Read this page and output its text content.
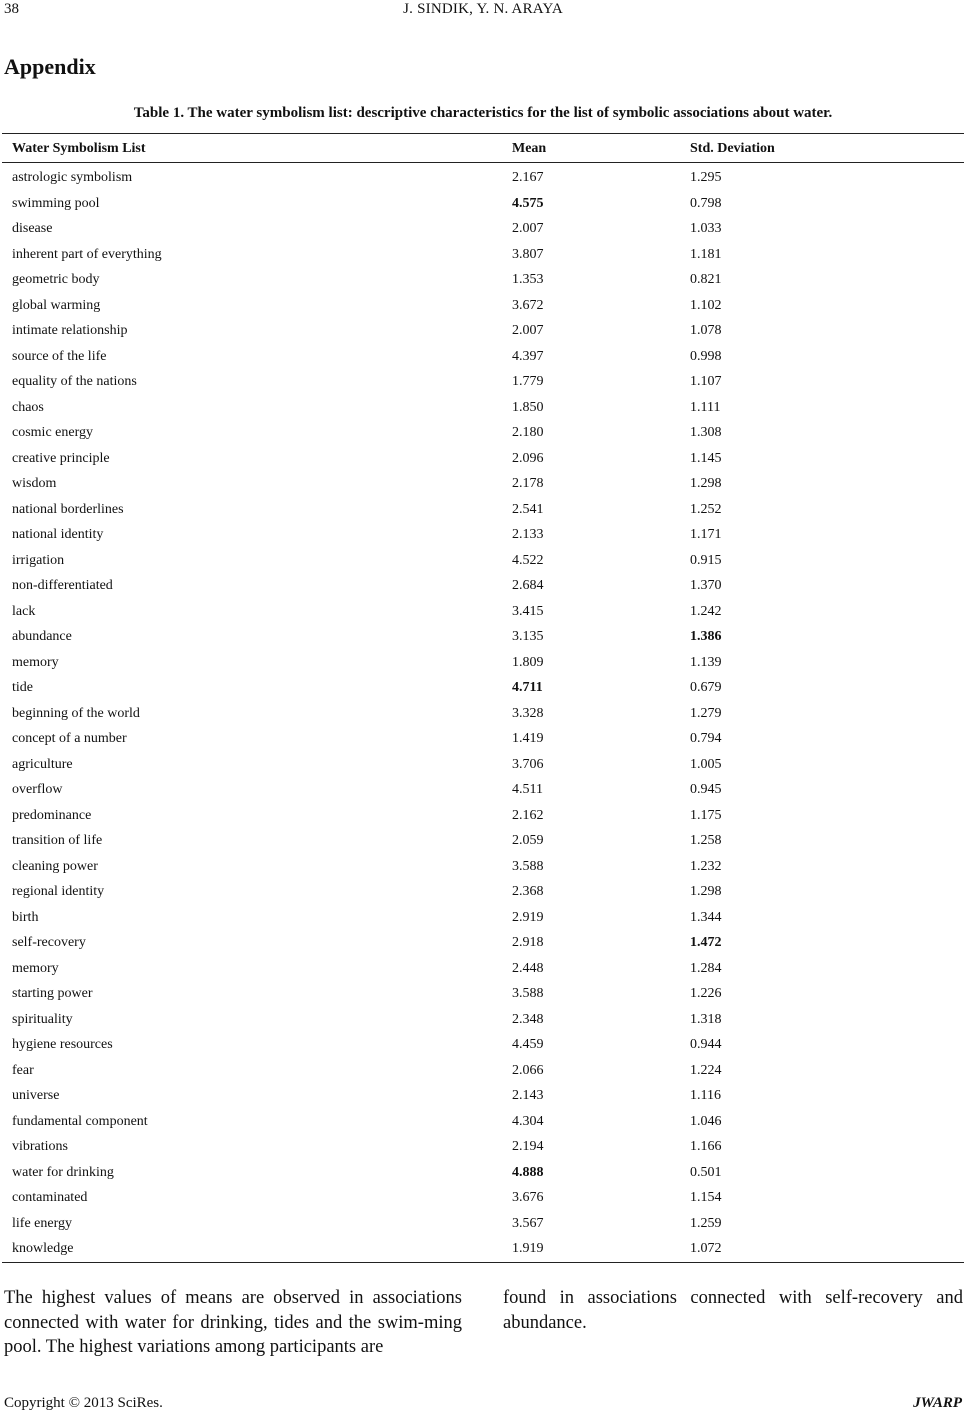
38	J. SINDIK, Y. N. ARAYA
Appendix
Table 1. The water symbolism list: descriptive characteristics for the list of symbolic associations about water.
Water Symbolism List	Mean	Std. Deviation
astrologic symbolism	2.167	1.295
swimming pool	4.575	0.798
disease	2.007	1.033
inherent part of everything	3.807	1.181
geometric body	1.353	0.821
global warming	3.672	1.102
intimate relationship	2.007	1.078
source of the life	4.397	0.998
equality of the nations	1.779	1.107
chaos	1.850	1.111
cosmic energy	2.180	1.308
creative principle	2.096	1.145
wisdom	2.178	1.298
national borderlines	2.541	1.252
national identity	2.133	1.171
irrigation	4.522	0.915
non-differentiated	2.684	1.370
lack	3.415	1.242
abundance	3.135	1.386
memory	1.809	1.139
tide	4.711	0.679
beginning of the world	3.328	1.279
concept of a number	1.419	0.794
agriculture	3.706	1.005
overflow	4.511	0.945
predominance	2.162	1.175
transition of life	2.059	1.258
cleaning power	3.588	1.232
regional identity	2.368	1.298
birth	2.919	1.344
self-recovery	2.918	1.472
memory	2.448	1.284
starting power	3.588	1.226
spirituality	2.348	1.318
hygiene resources	4.459	0.944
fear	2.066	1.224
universe	2.143	1.116
fundamental component	4.304	1.046
vibrations	2.194	1.166
water for drinking	4.888	0.501
contaminated	3.676	1.154
life energy	3.567	1.259
knowledge	1.919	1.072
The highest values of means are observed in associations connected with water for drinking, tides and the swim-ming pool. The highest variations among participants are
found in associations connected with self-recovery and abundance.
Copyright © 2013 SciRes.	JWARP
